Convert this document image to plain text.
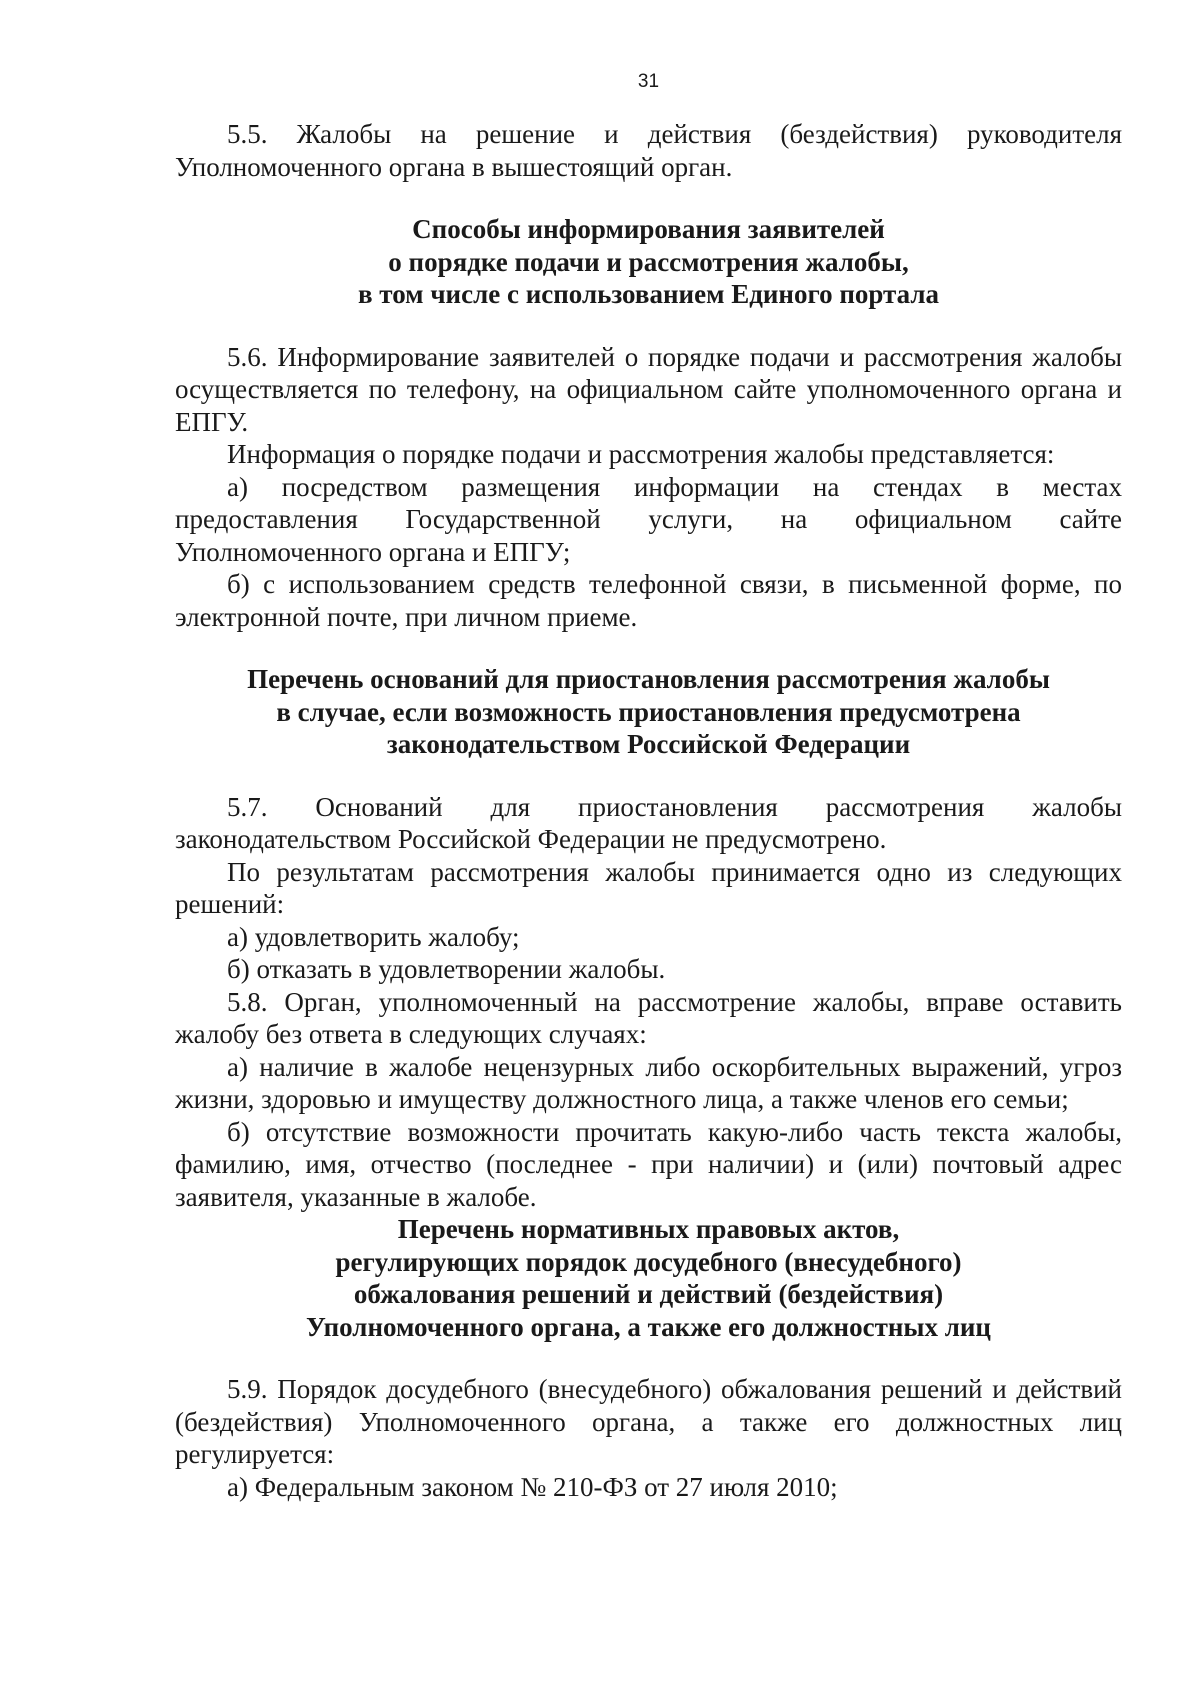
31

5.5. Жалобы на решение и действия (бездействия) руководителя Уполномоченного органа в вышестоящий орган.

Способы информирования заявителей
о порядке подачи и рассмотрения жалобы,
в том числе с использованием Единого портала

5.6. Информирование заявителей о порядке подачи и рассмотрения жалобы осуществляется по телефону, на официальном сайте уполномоченного органа и ЕПГУ.

Информация о порядке подачи и рассмотрения жалобы представляется:

а) посредством размещения информации на стендах в местах предоставления Государственной услуги, на официальном сайте Уполномоченного органа и ЕПГУ;

б) с использованием средств телефонной связи, в письменной форме, по электронной почте, при личном приеме.

Перечень оснований для приостановления рассмотрения жалобы
в случае, если возможность приостановления предусмотрена
законодательством Российской Федерации

5.7. Оснований для приостановления рассмотрения жалобы законодательством Российской Федерации не предусмотрено.

По результатам рассмотрения жалобы принимается одно из следующих решений:

а) удовлетворить жалобу;

б) отказать в удовлетворении жалобы.

5.8. Орган, уполномоченный на рассмотрение жалобы, вправе оставить жалобу без ответа в следующих случаях:

а) наличие в жалобе нецензурных либо оскорбительных выражений, угроз жизни, здоровью и имуществу должностного лица, а также членов его семьи;

б) отсутствие возможности прочитать какую-либо часть текста жалобы, фамилию, имя, отчество (последнее - при наличии) и (или) почтовый адрес заявителя, указанные в жалобе.

Перечень нормативных правовых актов,
регулирующих порядок досудебного (внесудебного)
обжалования решений и действий (бездействия)
Уполномоченного органа, а также его должностных лиц

5.9. Порядок досудебного (внесудебного) обжалования решений и действий (бездействия) Уполномоченного органа, а также его должностных лиц регулируется:

а) Федеральным законом № 210-ФЗ от 27 июля 2010;
